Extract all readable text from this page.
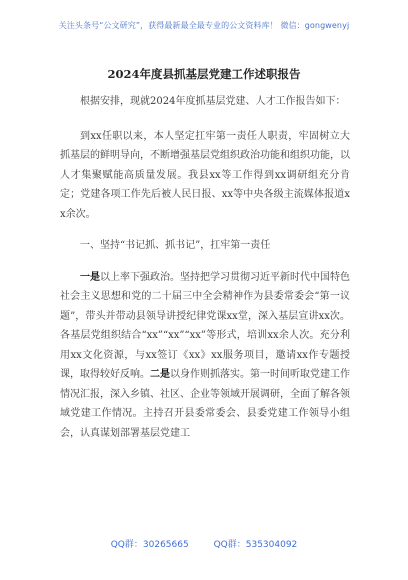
关注头条号“公文研究”，获得最新最全最专业的公文资料库！ 微信：gongwenyj
2024年度县抓基层党建工作述职报告

根据安排，现就2024年度抓基层党建、人才工作报告如下：

到xx任职以来，本人坚定扛牢第一责任人职责，牢固树立大抓基层的鲜明导向，不断增强基层党组织政治功能和组织功能，以人才集聚赋能高质量发展。我县xx等工作得到xx调研组充分肯定；党建各项工作先后被人民日报、xx等中央各级主流媒体报道xx余次。

一、坚持“书记抓、抓书记”，扛牢第一责任

一是以上率下强政治。坚持把学习贯彻习近平新时代中国特色社会主义思想和党的二十届三中全会精神作为县委常委会“第一议题”，带头并带动县领导讲授纪律党课xx堂，深入基层宣讲xx次。各基层党组织结合“xx”“xx”“xx”等形式，培训xx余人次。充分利用xx文化资源，与xx签订《xx》xx服务项目，邀请xx作专题授课，取得较好反响。二是以身作则抓落实。第一时间听取党建工作情况汇报，深入乡镇、社区、企业等领域开展调研，全面了解各领域党建工作情况。主持召开县委常委会、县委党建工作领导小组会，认真谋划部署基层党建工

QQ群：30265665	QQ群：535304092
